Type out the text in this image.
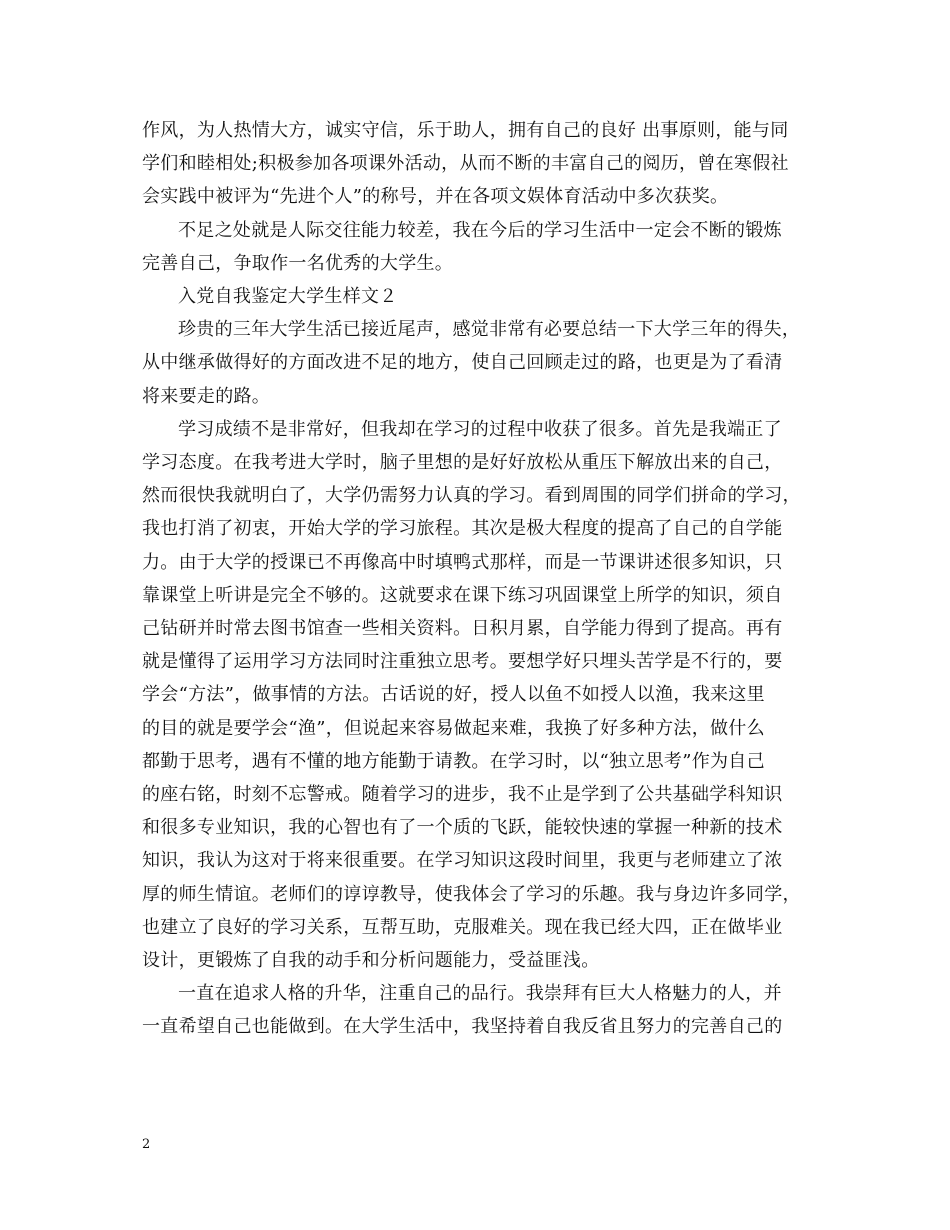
作风，为人热情大方，诚实守信，乐于助人，拥有自己的良好 出事原则，能与同

学们和睦相处;积极参加各项课外活动，从而不断的丰富自己的阅历，曾在寒假社

会实践中被评为“先进个人”的称号，并在各项文娱体育活动中多次获奖。

不足之处就是人际交往能力较差，我在今后的学习生活中一定会不断的锻炼

完善自己，争取作一名优秀的大学生。

入党自我鉴定大学生样文２

珍贵的三年大学生活已接近尾声，感觉非常有必要总结一下大学三年的得失，

从中继承做得好的方面改进不足的地方，使自己回顾走过的路，也更是为了看清

将来要走的路。

学习成绩不是非常好，但我却在学习的过程中收获了很多。首先是我端正了

学习态度。在我考进大学时，脑子里想的是好好放松从重压下解放出来的自己，

然而很快我就明白了，大学仍需努力认真的学习。看到周围的同学们拼命的学习，

我也打消了初衷，开始大学的学习旅程。其次是极大程度的提高了自己的自学能

力。由于大学的授课已不再像高中时填鸭式那样，而是一节课讲述很多知识，只

靠课堂上听讲是完全不够的。这就要求在课下练习巩固课堂上所学的知识，须自

己钻研并时常去图书馆查一些相关资料。日积月累，自学能力得到了提高。再有

就是懂得了运用学习方法同时注重独立思考。要想学好只埋头苦学是不行的，要

学会“方法”，做事情的方法。古话说的好，授人以鱼不如授人以渔，我来这里

的目的就是要学会“渔”，但说起来容易做起来难，我换了好多种方法，做什么

都勤于思考，遇有不懂的地方能勤于请教。在学习时，以“独立思考”作为自己

的座右铭，时刻不忘警戒。随着学习的进步，我不止是学到了公共基础学科知识

和很多专业知识，我的心智也有了一个质的飞跃，能较快速的掌握一种新的技术

知识，我认为这对于将来很重要。在学习知识这段时间里，我更与老师建立了浓

厚的师生情谊。老师们的谆谆教导，使我体会了学习的乐趣。我与身边许多同学，

也建立了良好的学习关系，互帮互助，克服难关。现在我已经大四，正在做毕业

设计，更锻炼了自我的动手和分析问题能力，受益匪浅。

一直在追求人格的升华，注重自己的品行。我崇拜有巨大人格魅力的人，并

一直希望自己也能做到。在大学生活中，我坚持着自我反省且努力的完善自己的

2
